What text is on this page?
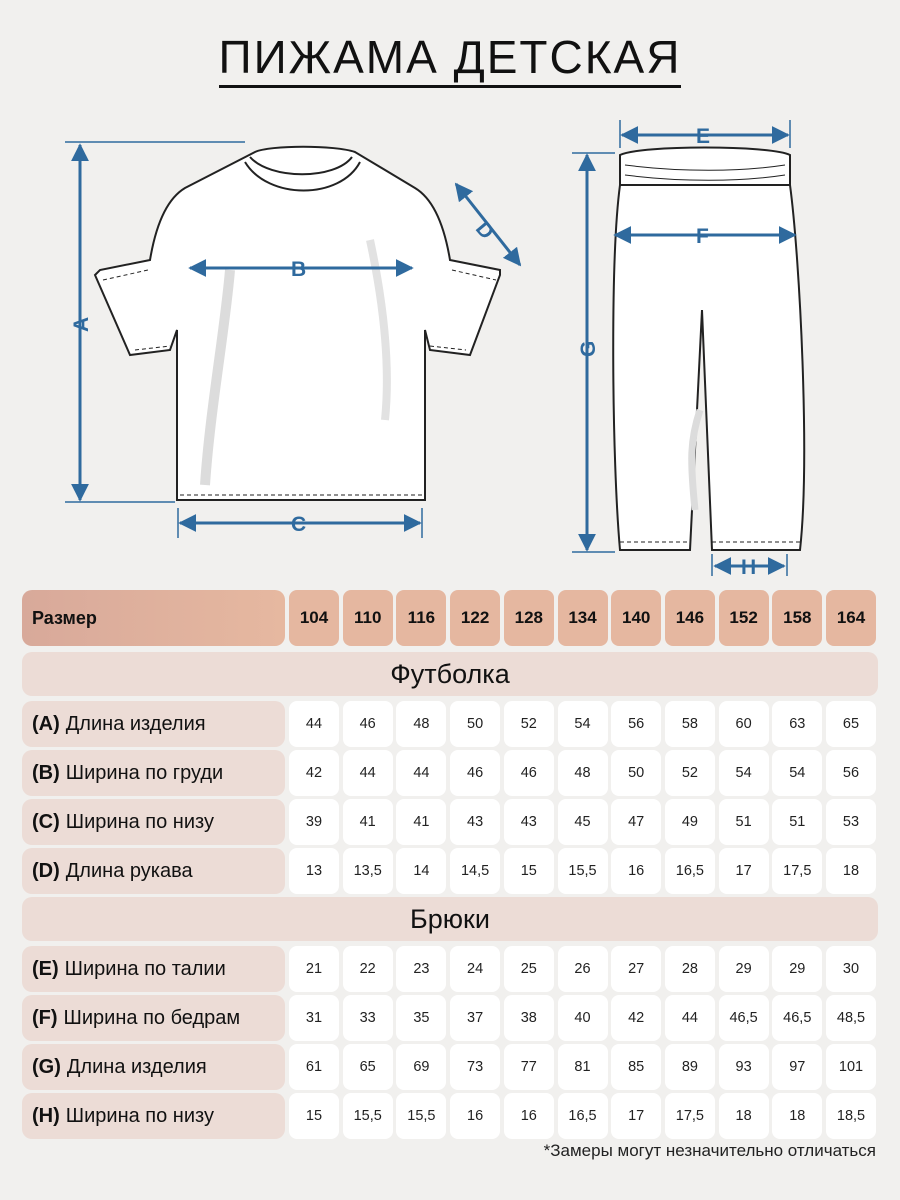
ПИЖАМА ДЕТСКАЯ
A
B
C
D
E
F
G
H
Размер	104	110	116	122	128	134	140	146	152	158	164
Футболка
(A) Длина изделия	44	46	48	50	52	54	56	58	60	63	65
(B) Ширина по груди	42	44	44	46	46	48	50	52	54	54	56
(C) Ширина по низу	39	41	41	43	43	45	47	49	51	51	53
(D) Длина рукава	13	13,5	14	14,5	15	15,5	16	16,5	17	17,5	18
Брюки
(E) Ширина по талии	21	22	23	24	25	26	27	28	29	29	30
(F) Ширина по бедрам	31	33	35	37	38	40	42	44	46,5	46,5	48,5
(G) Длина изделия	61	65	69	73	77	81	85	89	93	97	101
(H) Ширина по низу	15	15,5	15,5	16	16	16,5	17	17,5	18	18	18,5
*Замеры могут незначительно отличаться
